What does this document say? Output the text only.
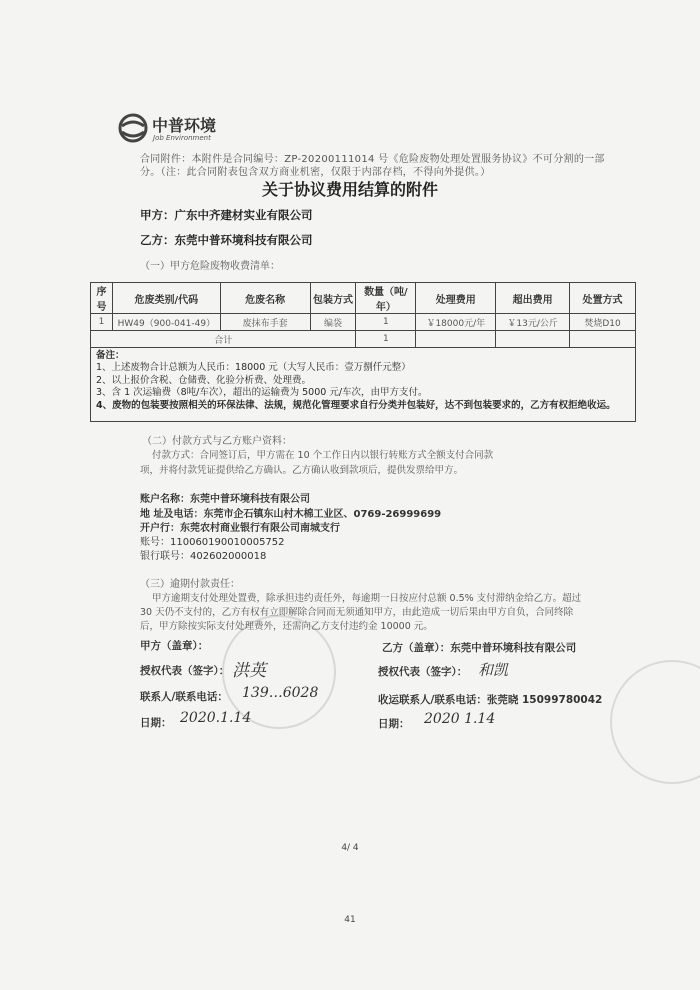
中普环境
Job Environment
合同附件：本附件是合同编号：ZP-20200111014 号《危险废物处理处置服务协议》不可分割的一部
分。（注：此合同附表包含双方商业机密，仅限于内部存档，不得向外提供。）
关于协议费用结算的附件
甲方：广东中齐建材实业有限公司
乙方：东莞中普环境科技有限公司
（一）甲方危险废物收费清单：
序号	危废类别/代码	危废名称	包装方式	数量（吨/年）	处理费用	超出费用	处置方式
1	HW49（900-041-49）	废抹布手套	编袋	1	￥18000元/年	￥13元/公斤	焚烧D10
合计				1			
备注：
1、上述废物合计总额为人民币：18000 元（大写人民币：壹万捌仟元整）
2、以上报价含税、仓储费、化验分析费、处理费。
3、含 1 次运输费（8吨/车次），超出的运输费为 5000 元/车次，由甲方支付。
4、废物的包装要按照相关的环保法律、法规，规范化管理要求自行分类并包装好，达不到包装要求的，乙方有权拒绝收运。
（二）付款方式与乙方账户资料：
付款方式：合同签订后，甲方需在 10 个工作日内以银行转账方式全额支付合同款
项，并将付款凭证提供给乙方确认。乙方确认收到款项后，提供发票给甲方。
账户名称：东莞中普环境科技有限公司
地 址及电话：东莞市企石镇东山村木棉工业区、0769-26999699
开户行：东莞农村商业银行有限公司南城支行
账号：110060190010005752
银行联号：402602000018
（三）逾期付款责任：
甲方逾期支付处理处置费，除承担违约责任外，每逾期一日按应付总额 0.5% 支付滞纳金给乙方。超过
30 天仍不支付的，乙方有权有立即解除合同而无须通知甲方，由此造成一切后果由甲方自负，合同终除
后，甲方除按实际支付处理费外，还需向乙方支付违约金 10000 元。
甲方（盖章）：
授权代表（签字）： 洪英
联系人/联系电话： 139…6028
日期： 2020.1.14
乙方（盖章）：东莞中普环境科技有限公司
授权代表（签字）： 和凯
收运联系人/联系电话：张莞晓 15099780042
日期： 2020 1.14
4/ 4
41
